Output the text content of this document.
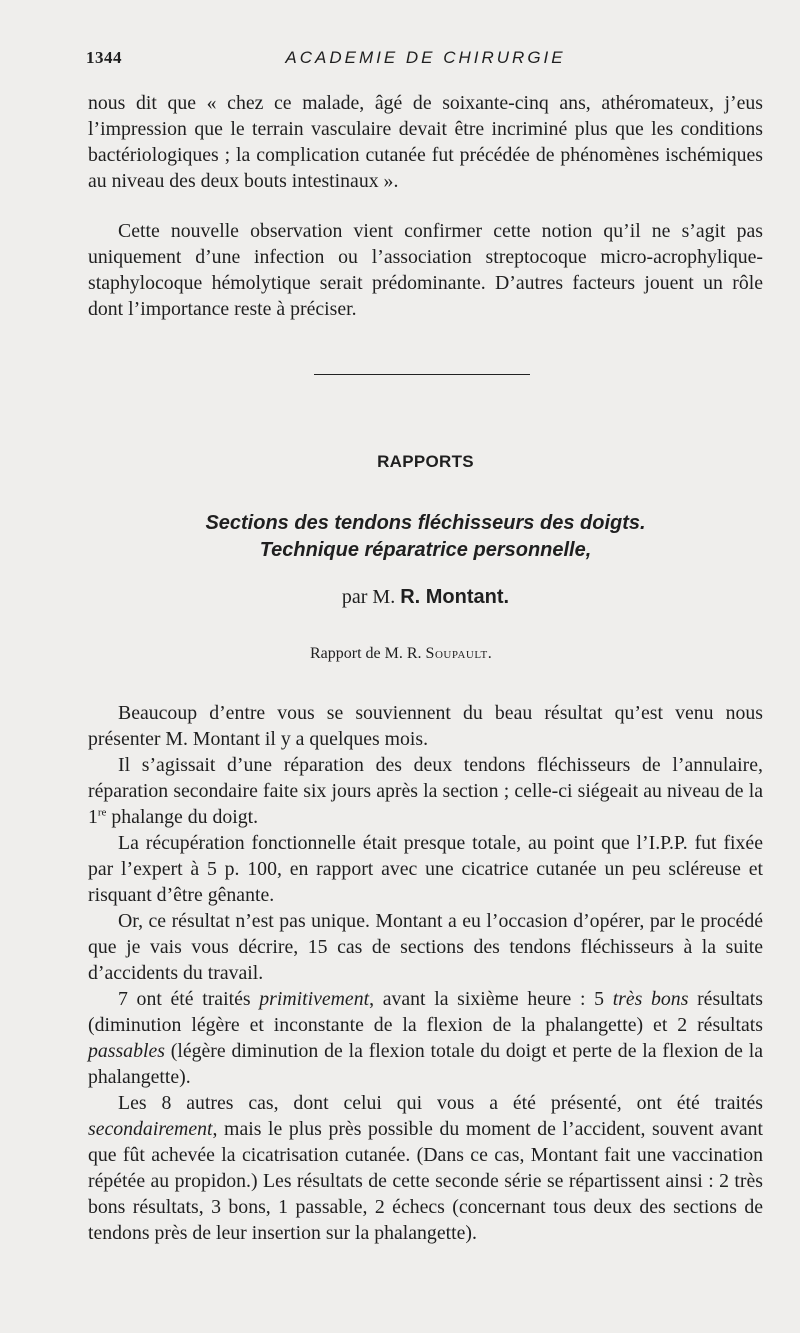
1344	ACADEMIE DE CHIRURGIE

nous dit que « chez ce malade, âgé de soixante-cinq ans, athéromateux, j’eus l’impression que le terrain vasculaire devait être incriminé plus que les conditions bactériologiques ; la complication cutanée fut précédée de phénomènes ischémiques au niveau des deux bouts intestinaux ».

Cette nouvelle observation vient confirmer cette notion qu’il ne s’agit pas uniquement d’une infection ou l’association streptocoque micro-acrophylique-staphylocoque hémolytique serait prédominante. D’autres facteurs jouent un rôle dont l’importance reste à préciser.

RAPPORTS
Sections des tendons fléchisseurs des doigts.
Technique réparatrice personnelle,
par M. R. Montant.
Rapport de M. R. Soupault.

Beaucoup d’entre vous se souviennent du beau résultat qu’est venu nous présenter M. Montant il y a quelques mois.

Il s’agissait d’une réparation des deux tendons fléchisseurs de l’annulaire, réparation secondaire faite six jours après la section ; celle-ci siégeait au niveau de la 1re phalange du doigt.

La récupération fonctionnelle était presque totale, au point que l’I.P.P. fut fixée par l’expert à 5 p. 100, en rapport avec une cicatrice cutanée un peu scléreuse et risquant d’être gênante.

Or, ce résultat n’est pas unique. Montant a eu l’occasion d’opérer, par le procédé que je vais vous décrire, 15 cas de sections des tendons fléchisseurs à la suite d’accidents du travail.

7 ont été traités primitivement, avant la sixième heure : 5 très bons résultats (diminution légère et inconstante de la flexion de la phalangette) et 2 résultats passables (légère diminution de la flexion totale du doigt et perte de la flexion de la phalangette).

Les 8 autres cas, dont celui qui vous a été présenté, ont été traités secondairement, mais le plus près possible du moment de l’accident, souvent avant que fût achevée la cicatrisation cutanée. (Dans ce cas, Montant fait une vaccination répétée au propidon.) Les résultats de cette seconde série se répartissent ainsi : 2 très bons résultats, 3 bons, 1 passable, 2 échecs (concernant tous deux des sections de tendons près de leur insertion sur la phalangette).
